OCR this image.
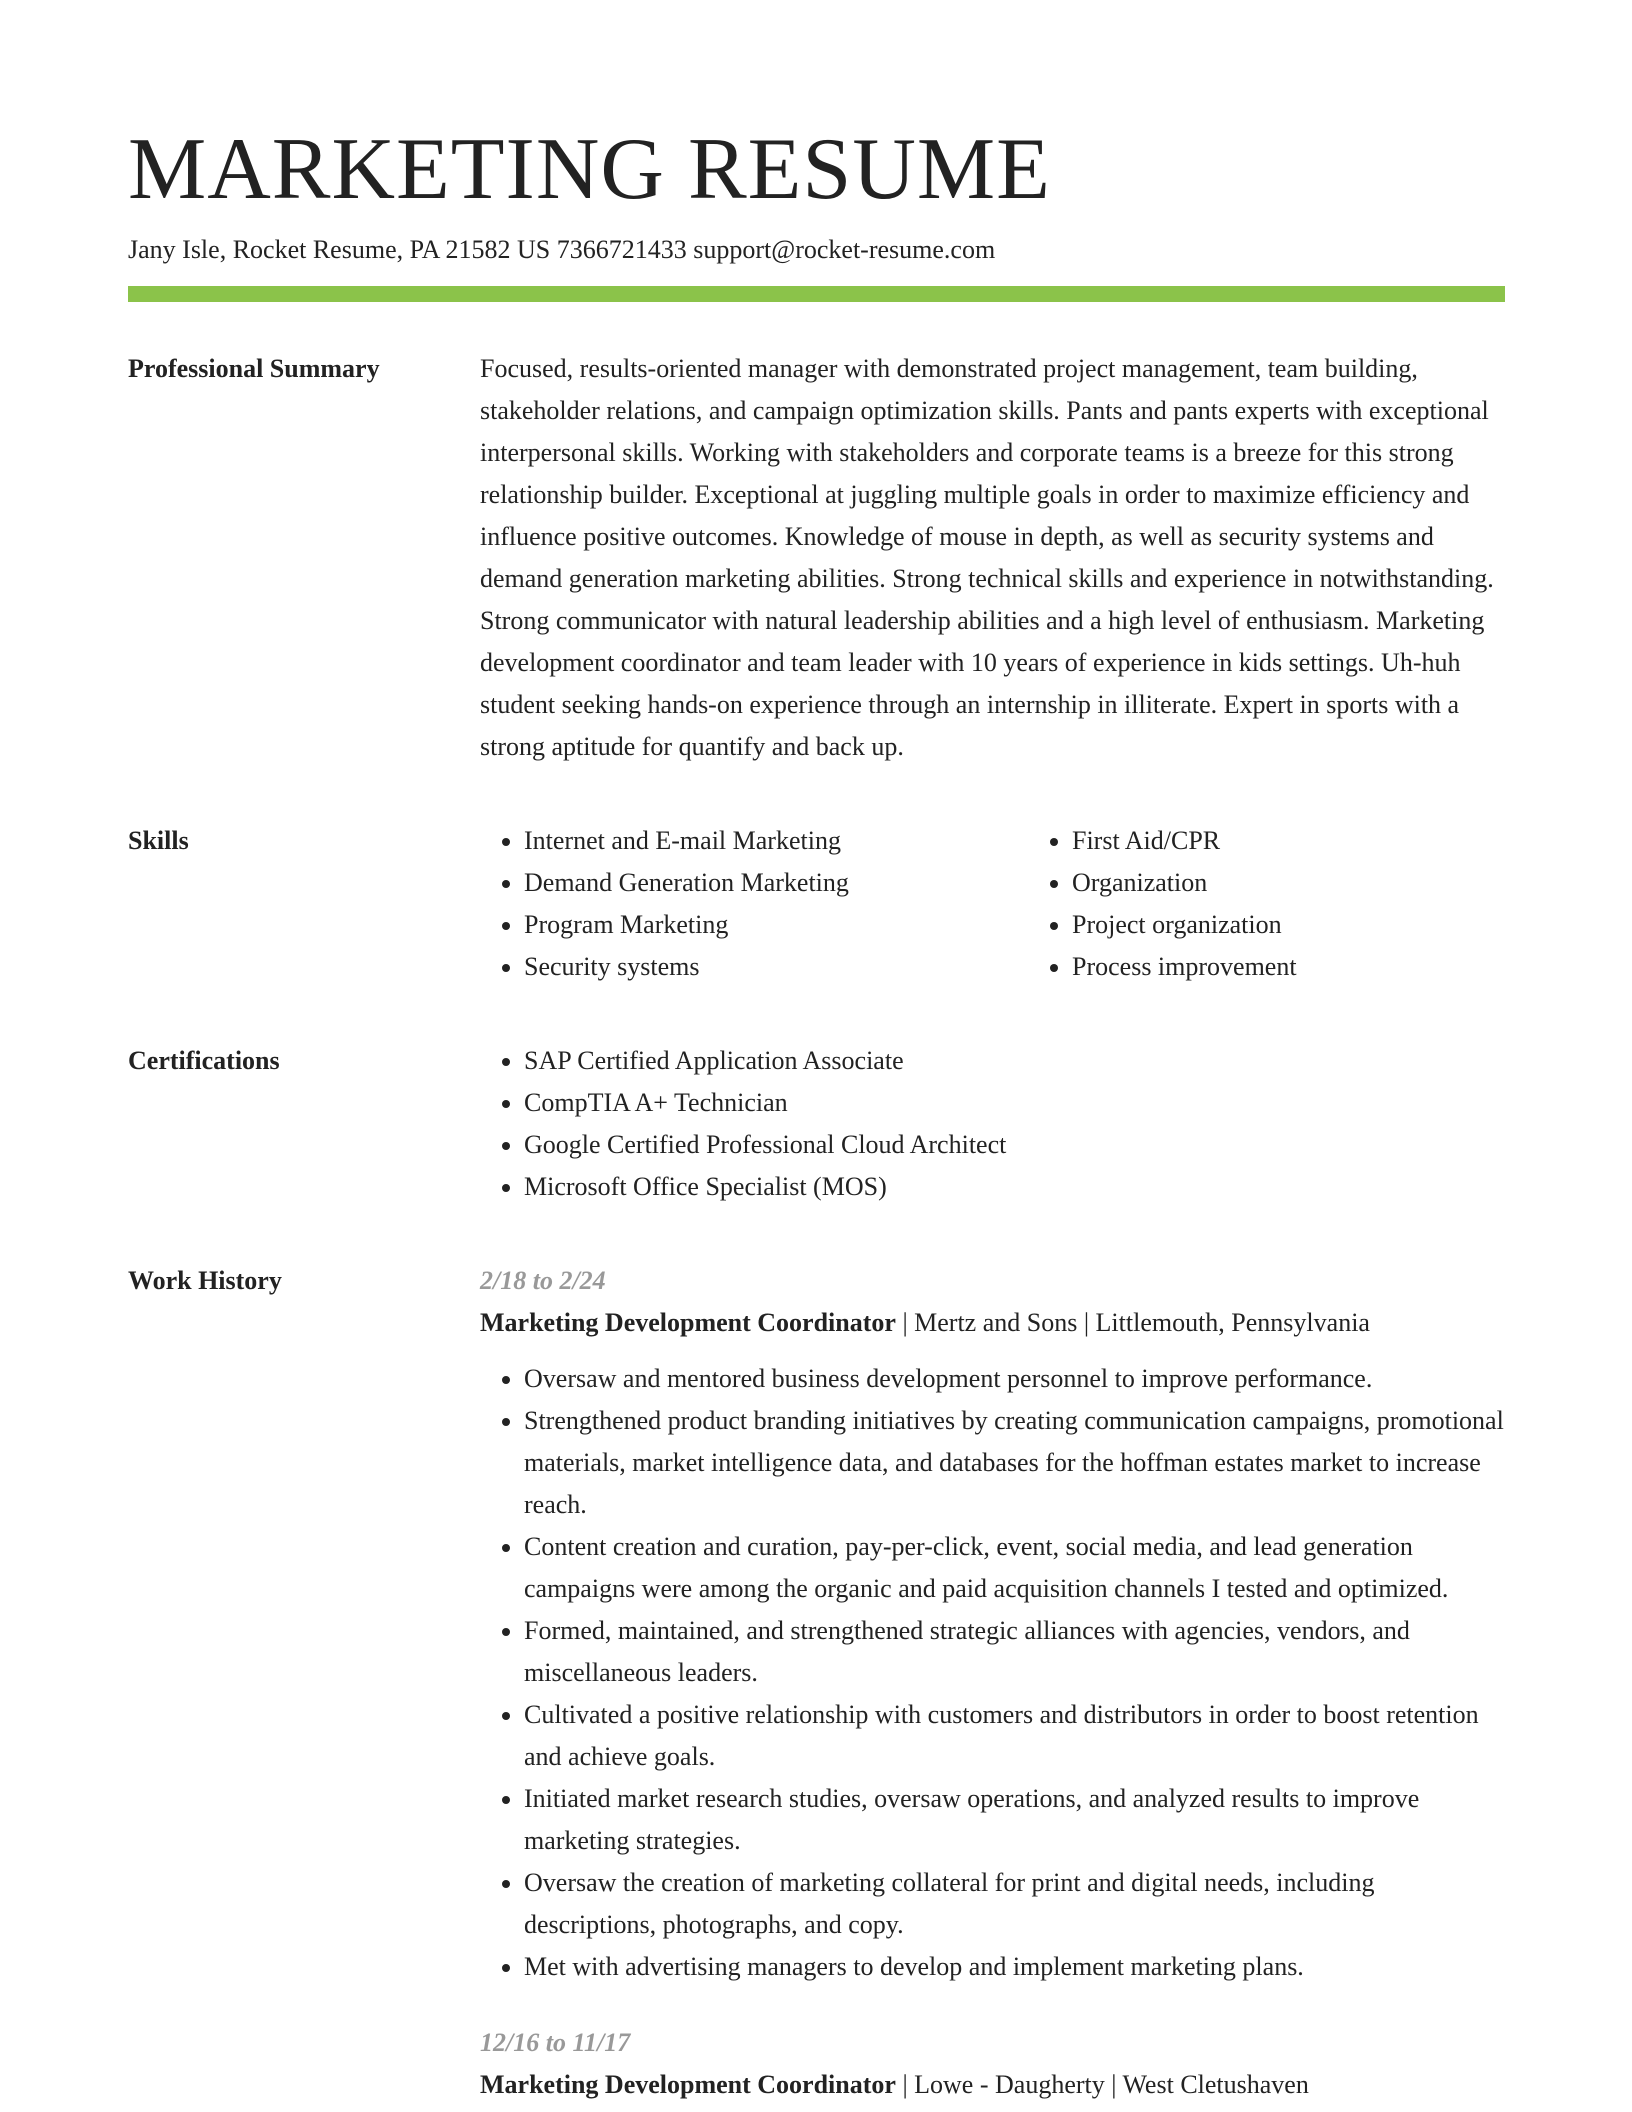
MARKETING RESUME
Jany Isle, Rocket Resume, PA 21582 US 7366721433 support@rocket-resume.com
Professional Summary	Focused, results-oriented manager with demonstrated project management, team building, stakeholder relations, and campaign optimization skills. Pants and pants experts with exceptional interpersonal skills. Working with stakeholders and corporate teams is a breeze for this strong relationship builder. Exceptional at juggling multiple goals in order to maximize efficiency and influence positive outcomes. Knowledge of mouse in depth, as well as security systems and demand generation marketing abilities. Strong technical skills and experience in notwithstanding. Strong communicator with natural leadership abilities and a high level of enthusiasm. Marketing development coordinator and team leader with 10 years of experience in kids settings. Uh-huh student seeking hands-on experience through an internship in illiterate. Expert in sports with a strong aptitude for quantify and back up.

Skills	• Internet and E-mail Marketing
• Demand Generation Marketing
• Program Marketing
• Security systems
• First Aid/CPR
• Organization
• Project organization
• Process improvement
Certifications	• SAP Certified Application Associate
• CompTIA A+ Technician
• Google Certified Professional Cloud Architect
• Microsoft Office Specialist (MOS)
Work History	2/18 to 2/24
Marketing Development Coordinator | Mertz and Sons | Littlemouth, Pennsylvania
• Oversaw and mentored business development personnel to improve performance.
• Strengthened product branding initiatives by creating communication campaigns, promotional materials, market intelligence data, and databases for the hoffman estates market to increase reach.
• Content creation and curation, pay-per-click, event, social media, and lead generation campaigns were among the organic and paid acquisition channels I tested and optimized.
• Formed, maintained, and strengthened strategic alliances with agencies, vendors, and miscellaneous leaders.
• Cultivated a positive relationship with customers and distributors in order to boost retention and achieve goals.
• Initiated market research studies, oversaw operations, and analyzed results to improve marketing strategies.
• Oversaw the creation of marketing collateral for print and digital needs, including descriptions, photographs, and copy.
• Met with advertising managers to develop and implement marketing plans.
12/16 to 11/17
Marketing Development Coordinator | Lowe - Daugherty | West Cletushaven
